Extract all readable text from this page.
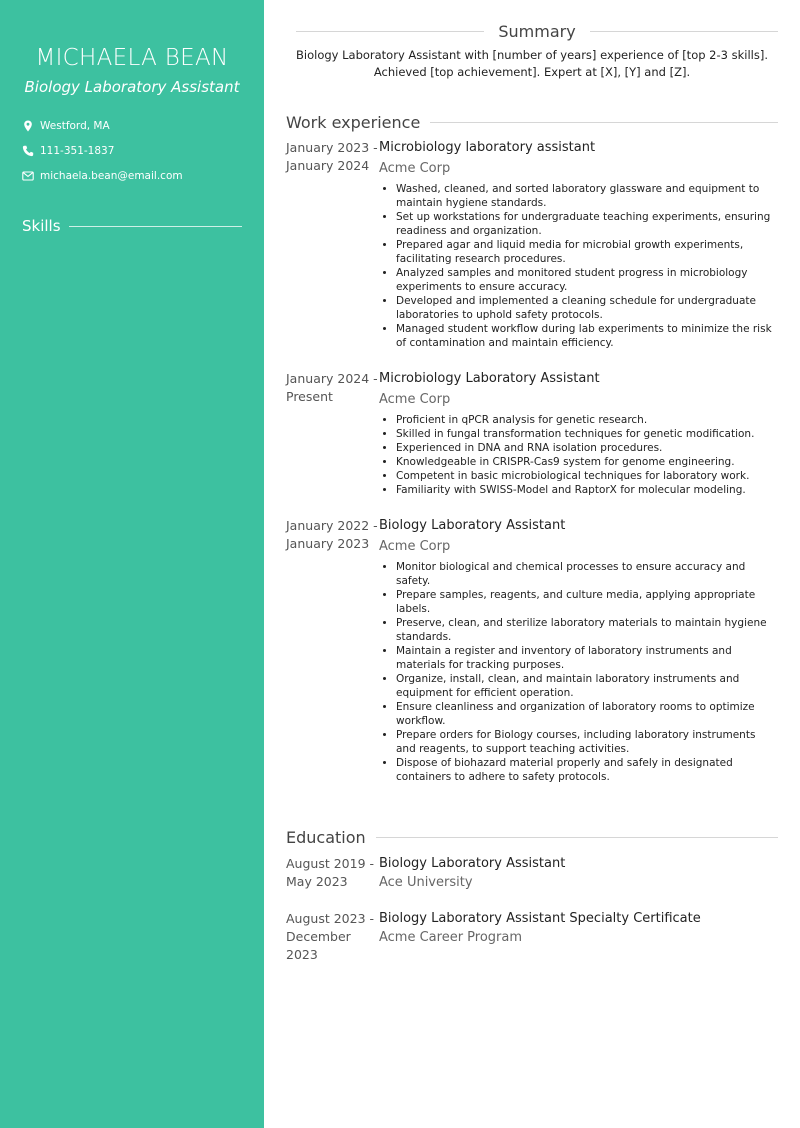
MICHAELA BEAN
Biology Laboratory Assistant
Westford, MA
111-351-1837
michaela.bean@email.com
Skills
Summary

Biology Laboratory Assistant with [number of years] experience of [top 2-3 skills]. Achieved [top achievement]. Expert at [X], [Y] and [Z].

Work experience
January 2023 -
January 2024
Microbiology laboratory assistant
Acme Corp
• Washed, cleaned, and sorted laboratory glassware and equipment to maintain hygiene standards.
• Set up workstations for undergraduate teaching experiments, ensuring readiness and organization.
• Prepared agar and liquid media for microbial growth experiments, facilitating research procedures.
• Analyzed samples and monitored student progress in microbiology experiments to ensure accuracy.
• Developed and implemented a cleaning schedule for undergraduate laboratories to uphold safety protocols.
• Managed student workflow during lab experiments to minimize the risk of contamination and maintain efficiency.
January 2024 -
Present
Microbiology Laboratory Assistant
Acme Corp
• Proficient in qPCR analysis for genetic research.
• Skilled in fungal transformation techniques for genetic modification.
• Experienced in DNA and RNA isolation procedures.
• Knowledgeable in CRISPR-Cas9 system for genome engineering.
• Competent in basic microbiological techniques for laboratory work.
• Familiarity with SWISS-Model and RaptorX for molecular modeling.
January 2022 -
January 2023
Biology Laboratory Assistant
Acme Corp
• Monitor biological and chemical processes to ensure accuracy and safety.
• Prepare samples, reagents, and culture media, applying appropriate labels.
• Preserve, clean, and sterilize laboratory materials to maintain hygiene standards.
• Maintain a register and inventory of laboratory instruments and materials for tracking purposes.
• Organize, install, clean, and maintain laboratory instruments and equipment for efficient operation.
• Ensure cleanliness and organization of laboratory rooms to optimize workflow.
• Prepare orders for Biology courses, including laboratory instruments and reagents, to support teaching activities.
• Dispose of biohazard material properly and safely in designated containers to adhere to safety protocols.
Education
August 2019 -
May 2023
Biology Laboratory Assistant
Ace University
August 2023 -
December 2023
Biology Laboratory Assistant Specialty Certificate
Acme Career Program
